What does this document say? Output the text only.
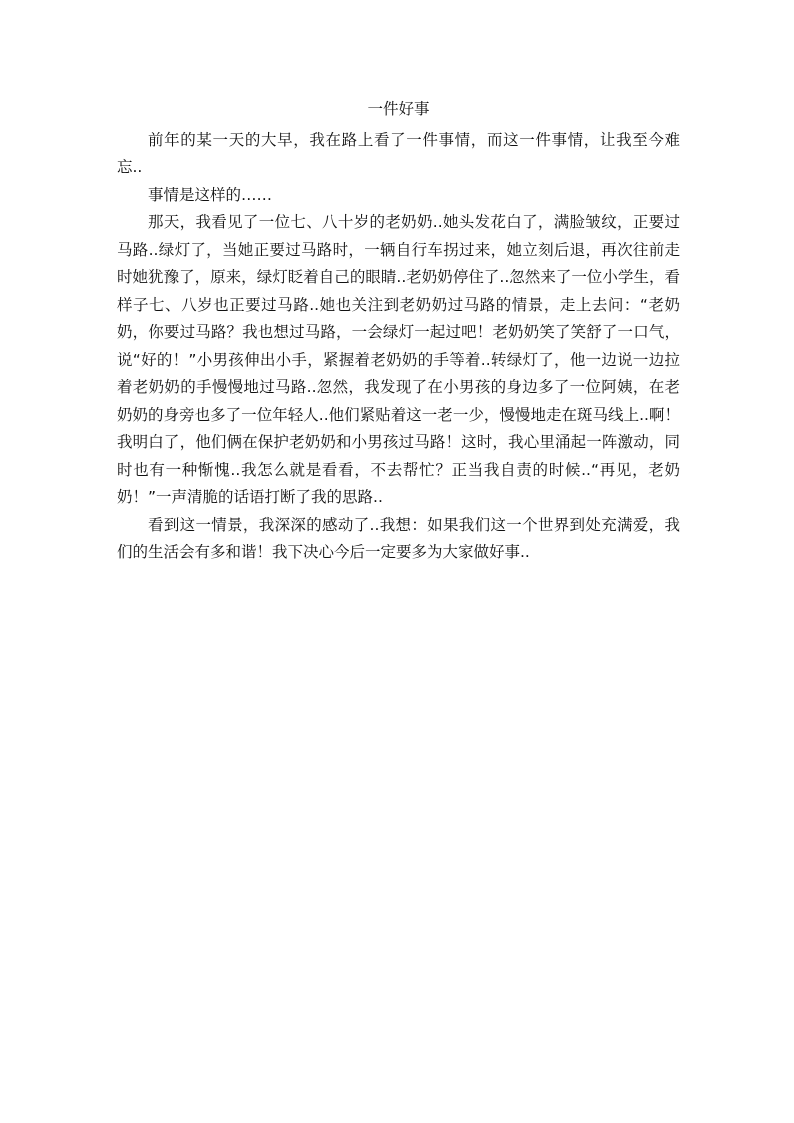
一件好事

前年的某一天的大早，我在路上看了一件事情，而这一件事情，让我至今难忘..

事情是这样的……

那天，我看见了一位七、八十岁的老奶奶..她头发花白了，满脸皱纹，正要过马路..绿灯了，当她正要过马路时，一辆自行车拐过来，她立刻后退，再次往前走时她犹豫了，原来，绿灯眨着自己的眼睛..老奶奶停住了..忽然来了一位小学生，看样子七、八岁也正要过马路..她也关注到老奶奶过马路的情景，走上去问：“老奶奶，你要过马路？我也想过马路，一会绿灯一起过吧！老奶奶笑了笑舒了一口气，说“好的！”小男孩伸出小手，紧握着老奶奶的手等着..转绿灯了，他一边说一边拉着老奶奶的手慢慢地过马路..忽然，我发现了在小男孩的身边多了一位阿姨，在老奶奶的身旁也多了一位年轻人..他们紧贴着这一老一少，慢慢地走在斑马线上..啊！我明白了，他们俩在保护老奶奶和小男孩过马路！这时，我心里涌起一阵激动，同时也有一种惭愧..我怎么就是看看，不去帮忙？正当我自责的时候..“再见，老奶奶！”一声清脆的话语打断了我的思路..

看到这一情景，我深深的感动了..我想：如果我们这一个世界到处充满爱，我们的生活会有多和谐！我下决心今后一定要多为大家做好事..
